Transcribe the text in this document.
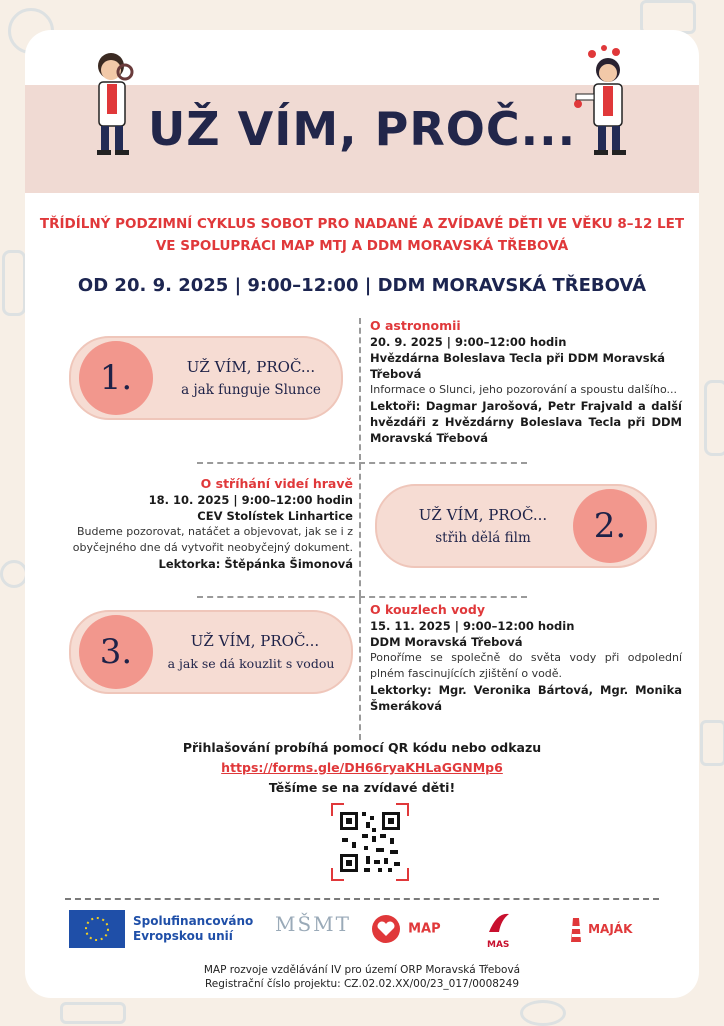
UŽ VÍM, PROČ...
TŘÍDÍLNÝ PODZIMNÍ CYKLUS SOBOT PRO NADANÉ A ZVÍDAVÉ DĚTI VE VĚKU 8–12 LET
VE SPOLUPRÁCI MAP MTJ A DDM MORAVSKÁ TŘEBOVÁ
OD 20. 9. 2025 | 9:00–12:00 | DDM MORAVSKÁ TŘEBOVÁ
1.	UŽ VÍM, PROČ...
a jak funguje Slunce
O astronomii
20. 9. 2025 | 9:00–12:00 hodin
Hvězdárna Boleslava Tecla při DDM Moravská Třebová
Informace o Slunci, jeho pozorování a spoustu dalšího...
Lektoři: Dagmar Jarošová, Petr Frajvald a další hvězdáři z Hvězdárny Boleslava Tecla při DDM Moravská Třebová
O stříhání videí hravě
18. 10. 2025 | 9:00–12:00 hodin
CEV Stolístek Linhartice
Budeme pozorovat, natáčet a objevovat, jak se i z obyčejného dne dá vytvořit neobyčejný dokument.
Lektorka: Štěpánka Šimonová
2.
UŽ VÍM, PROČ...
střih dělá film
3.	UŽ VÍM, PROČ...
a jak se dá kouzlit s vodou
O kouzlech vody
15. 11. 2025 | 9:00–12:00 hodin
DDM Moravská Třebová
Ponoříme se společně do světa vody při odpolední plném fascinujících zjištění o vodě.
Lektorky: Mgr. Veronika Bártová, Mgr. Monika Šmeráková
Přihlašování probíhá pomocí QR kódu nebo odkazu
https://forms.gle/DH66ryaKHLaGGNMp6
Těšíme se na zvídavé děti!
Spolufinancováno
Evropskou unií	MŠMT	MAP
MAS
MAJÁK
MAP rozvoje vzdělávání IV pro území ORP Moravská Třebová
Registrační číslo projektu: CZ.02.02.XX/00/23_017/0008249
